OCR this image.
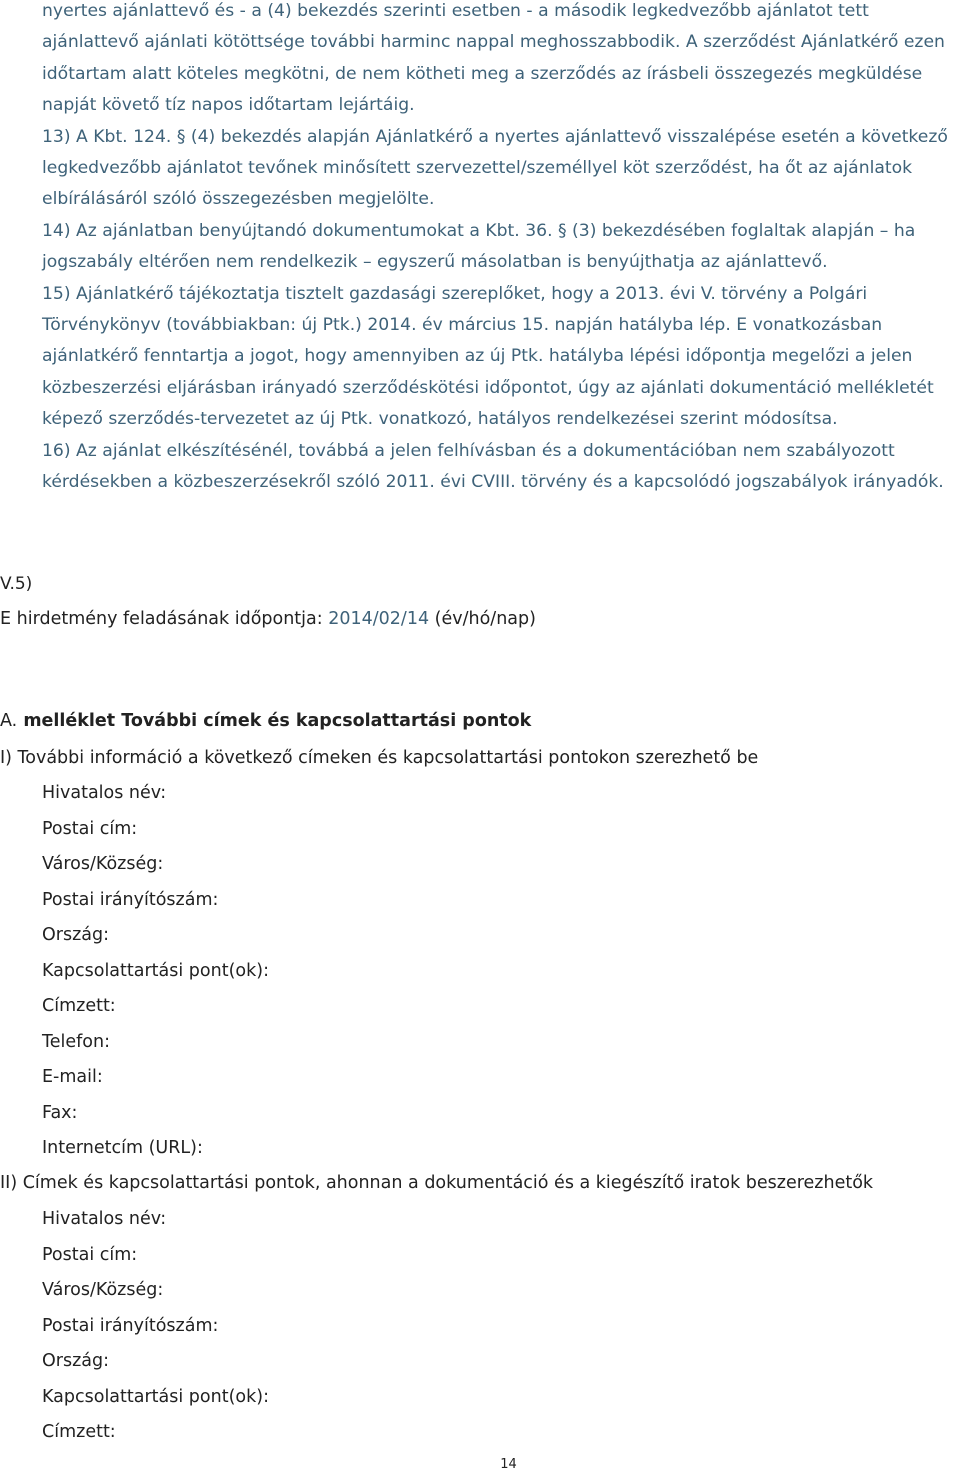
nyertes ajánlattevő és - a (4) bekezdés szerinti esetben - a második legkedvezőbb ajánlatot tett ajánlattevő ajánlati kötöttsége további harminc nappal meghosszabbodik. A szerződést Ajánlatkérő ezen időtartam alatt köteles megkötni, de nem kötheti meg a szerződés az írásbeli összegezés megküldése napját követő tíz napos időtartam lejártáig.

13) A Kbt. 124. § (4) bekezdés alapján Ajánlatkérő a nyertes ajánlattevő visszalépése esetén a következő legkedvezőbb ajánlatot tevőnek minősített szervezettel/személlyel köt szerződést, ha őt az ajánlatok elbírálásáról szóló összegezésben megjelölte.

14) Az ajánlatban benyújtandó dokumentumokat a Kbt. 36. § (3) bekezdésében foglaltak alapján – ha jogszabály eltérően nem rendelkezik – egyszerű másolatban is benyújthatja az ajánlattevő.

15) Ajánlatkérő tájékoztatja tisztelt gazdasági szereplőket, hogy a 2013. évi V. törvény a Polgári Törvénykönyv (továbbiakban: új Ptk.) 2014. év március 15. napján hatályba lép. E vonatkozásban ajánlatkérő fenntartja a jogot, hogy amennyiben az új Ptk. hatályba lépési időpontja megelőzi a jelen közbeszerzési eljárásban irányadó szerződéskötési időpontot, úgy az ajánlati dokumentáció mellékletét képező szerződés-tervezetet az új Ptk. vonatkozó, hatályos rendelkezései szerint módosítsa.

16) Az ajánlat elkészítésénél, továbbá a jelen felhívásban és a dokumentációban nem szabályozott kérdésekben a közbeszerzésekről szóló 2011. évi CVIII. törvény és a kapcsolódó jogszabályok irányadók.

V.5)
E hirdetmény feladásának időpontja: 2014/02/14 (év/hó/nap)
A. melléklet További címek és kapcsolattartási pontok
I) További információ a következő címeken és kapcsolattartási pontokon szerezhető be
Hivatalos név:
Postai cím:
Város/Község:
Postai irányítószám:
Ország:
Kapcsolattartási pont(ok):
Címzett:
Telefon:
E-mail:
Fax:
Internetcím (URL):
II) Címek és kapcsolattartási pontok, ahonnan a dokumentáció és a kiegészítő iratok beszerezhetők
Hivatalos név:
Postai cím:
Város/Község:
Postai irányítószám:
Ország:
Kapcsolattartási pont(ok):
Címzett:
14
